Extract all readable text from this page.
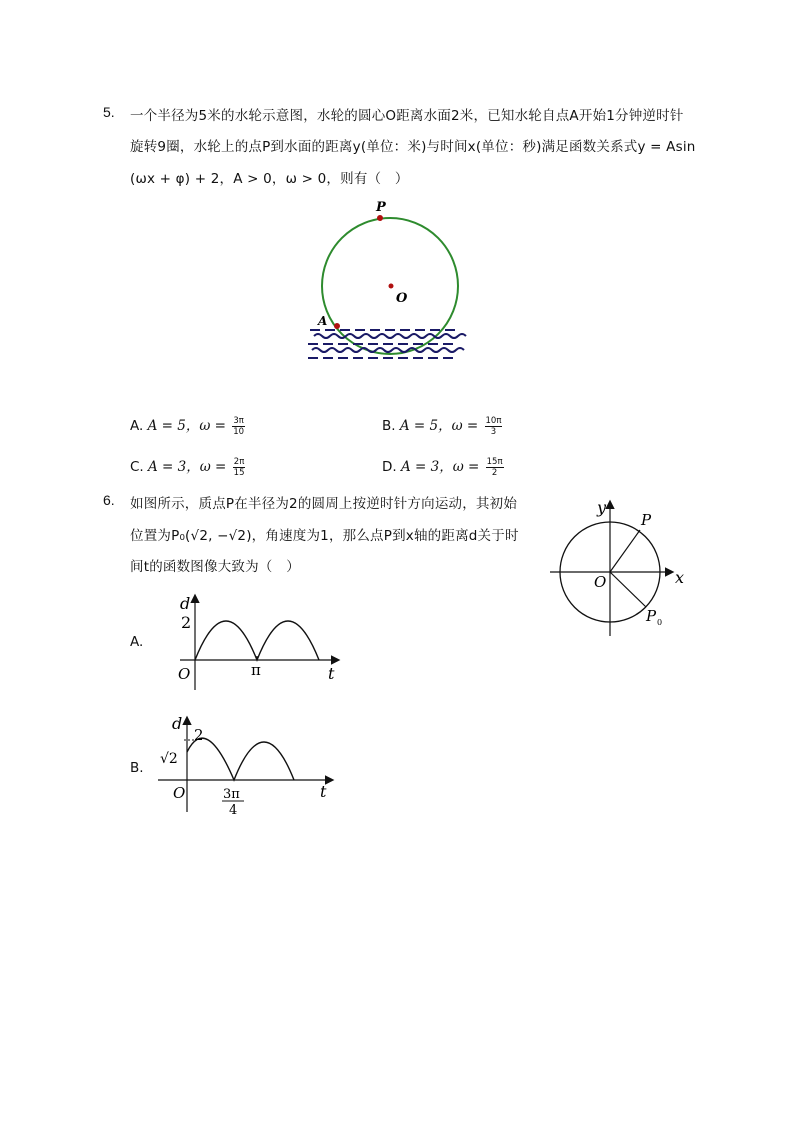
5. 一个半径为5米的水轮示意图，水轮的圆心O距离水面2米，已知水轮自点A开始1分钟逆时针
旋转9圈，水轮上的点P到水面的距离y(单位：米)与时间x(单位：秒)满足函数关系式y = Asin
(ωx + φ) + 2，A > 0，ω > 0，则有（　）
P
O
A
A. A = 5，$\omega = \frac{3\pi}{10}$	B. A = 5，$\omega = \frac{10\pi}{3}$
C. A = 3，$\omega = \frac{2\pi}{15}$	D. A = 3，$\omega = \frac{15\pi}{2}$
6. 如图所示，质点P在半径为2的圆周上按逆时针方向运动，其初始
位置为P₀(√2, −√2)，角速度为1，那么点P到x轴的距离d关于时
间t的函数图像大致为（　）
y
x
O
P
P 0
A.
d
2
O	π	t
B.
d
2
√2
O	3π
4
t
